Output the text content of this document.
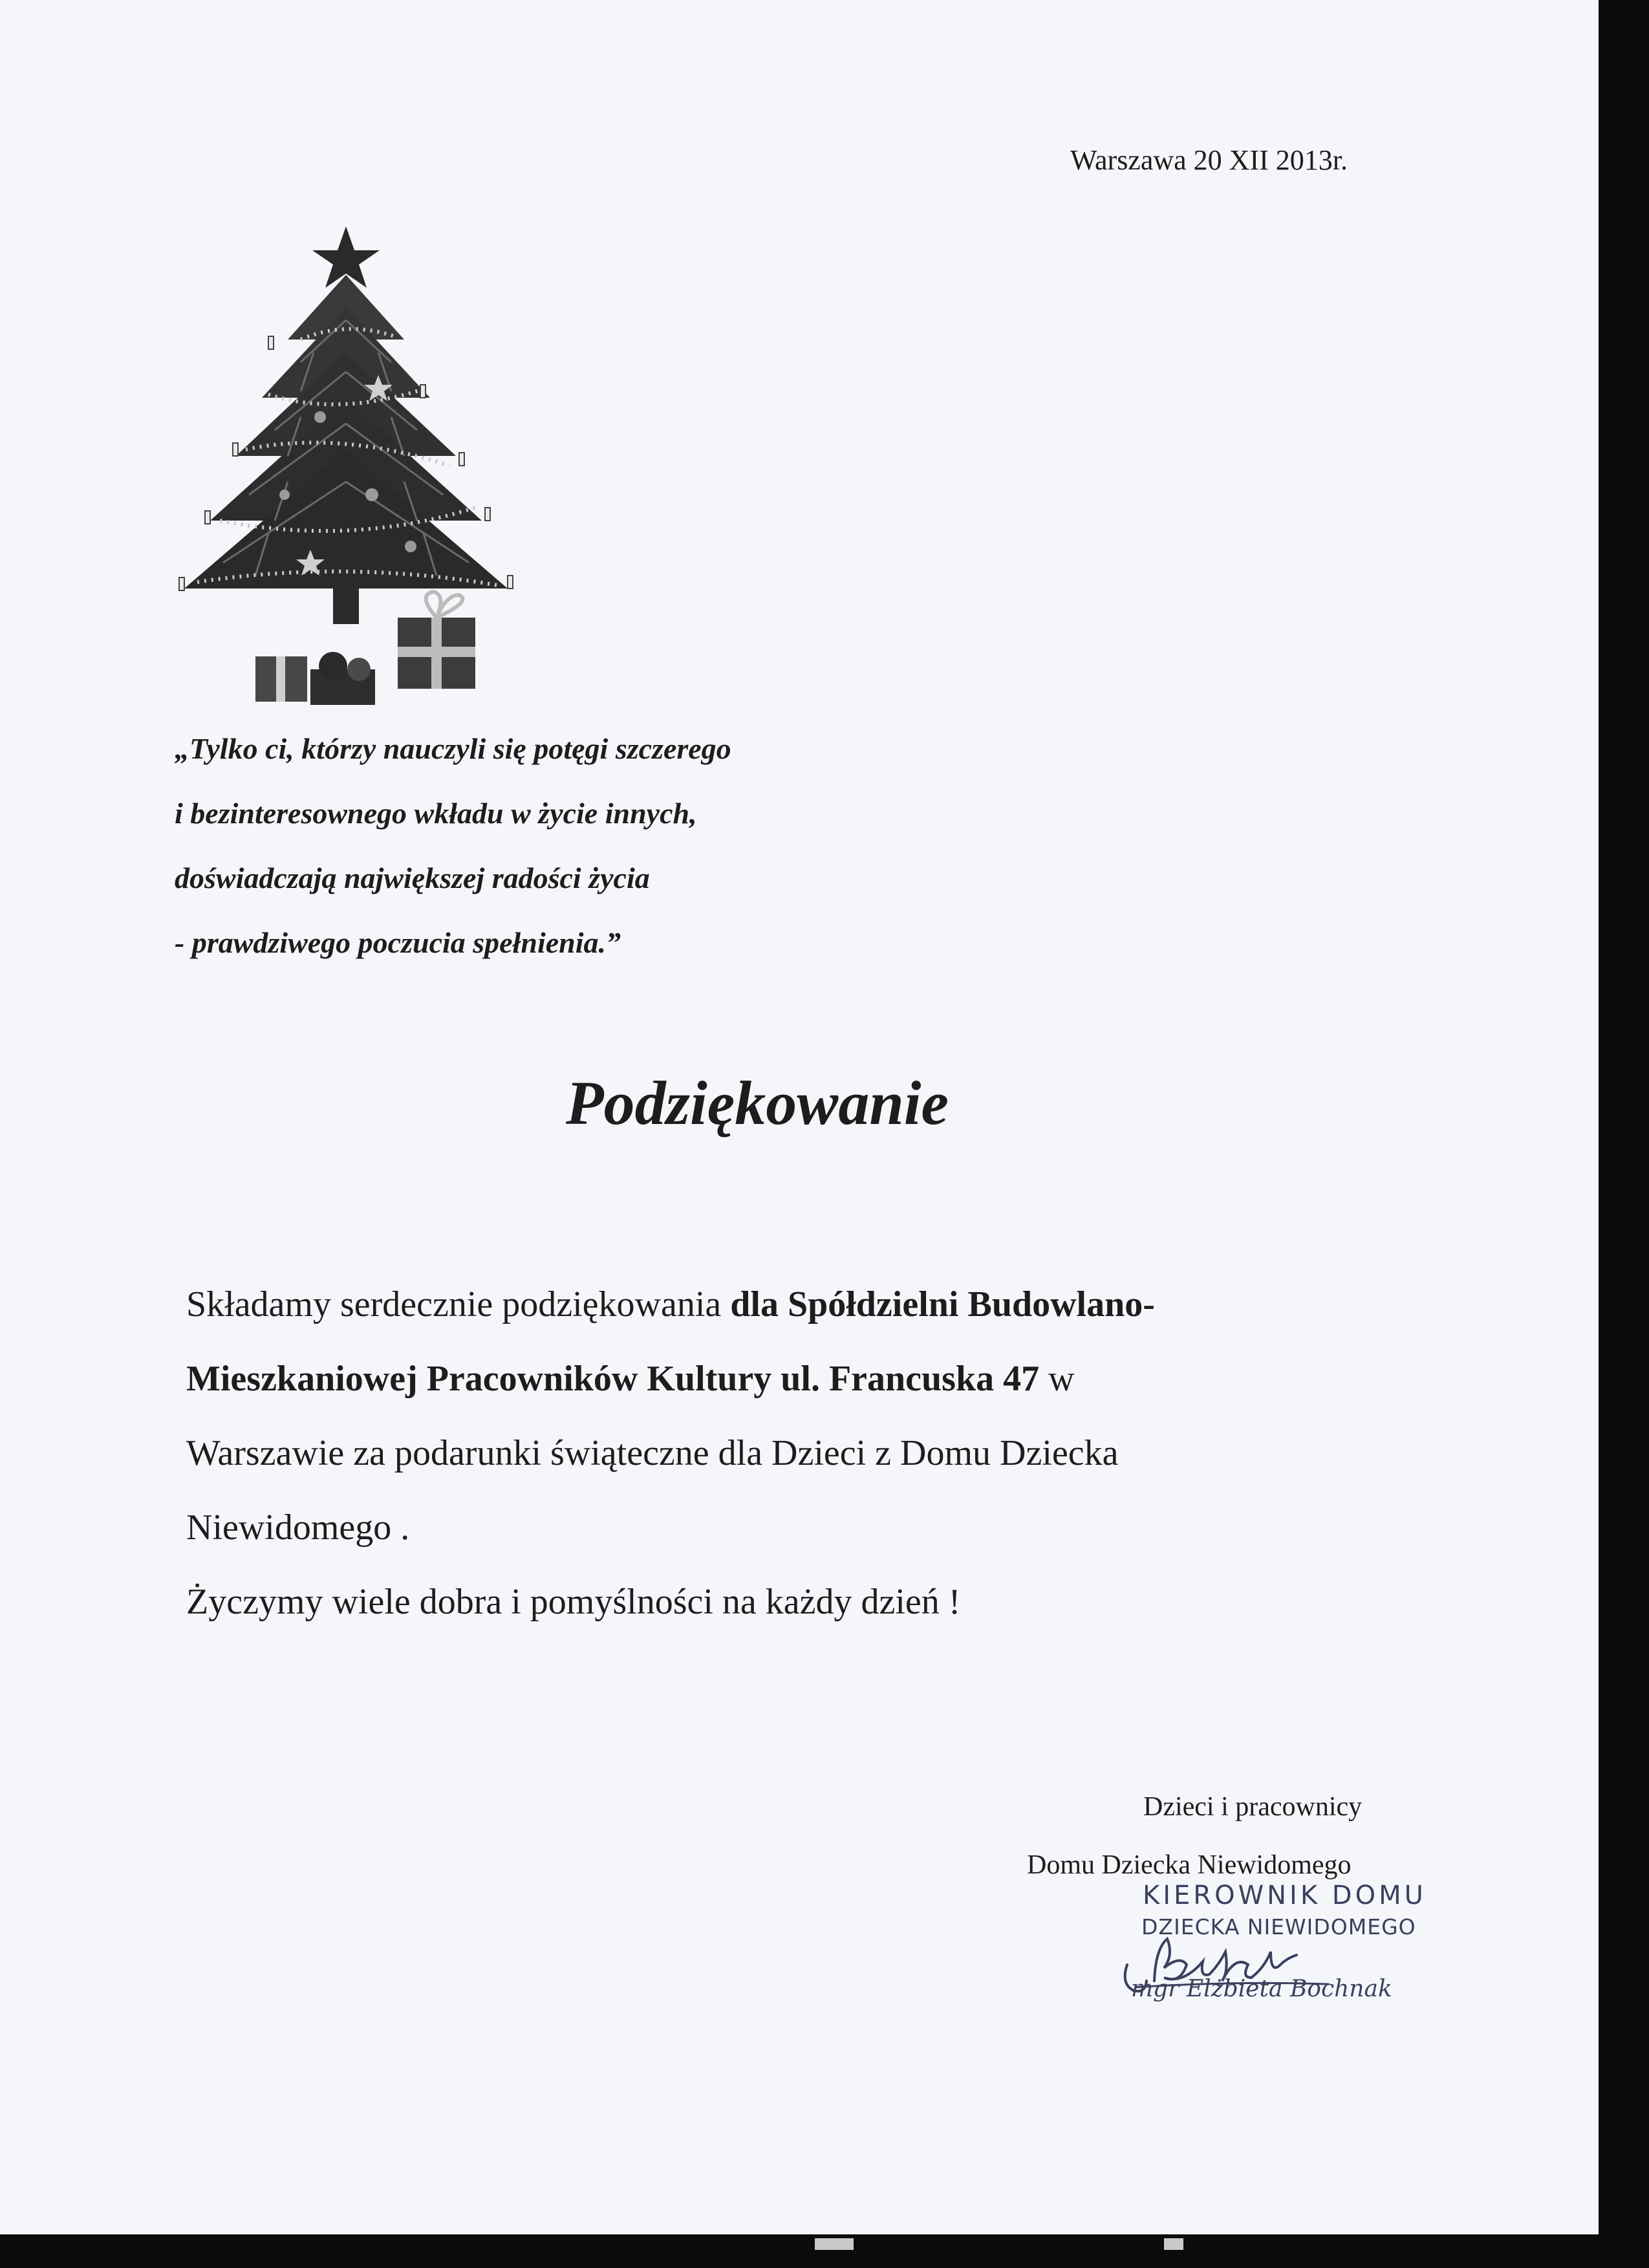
Warszawa 20 XII 2013r.

„Tylko ci, którzy nauczyli się potęgi szczerego

i bezinteresownego wkładu w życie innych,

doświadczają największej radości życia

- prawdziwego poczucia spełnienia.”

Podziękowanie

Składamy serdecznie podziękowania dla Spółdzielni Budowlano-

Mieszkaniowej Pracowników Kultury ul. Francuska 47 w

Warszawie za podarunki świąteczne dla Dzieci z Domu Dziecka

Niewidomego .

Życzymy wiele dobra i pomyślności na każdy dzień !

Dzieci i pracownicy
Domu Dziecka Niewidomego
KIEROWNIK DOMU
DZIECKA NIEWIDOMEGO
mgr Elżbieta Bochnak
